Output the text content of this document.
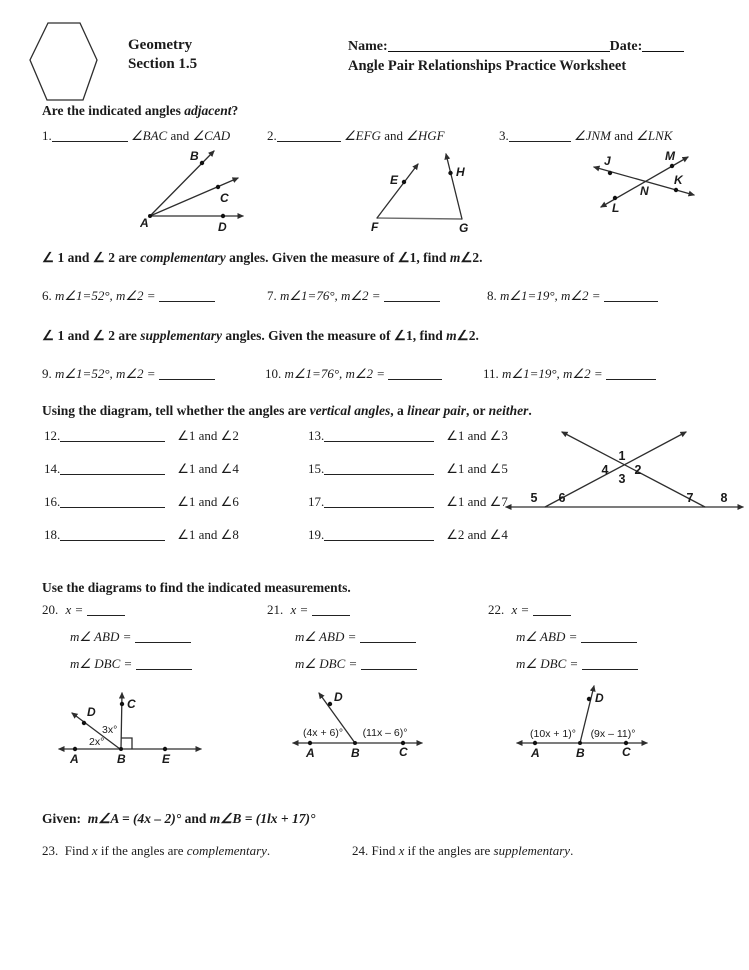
Geometry
Section 1.5
Name:	Date:
Angle Pair Relationships Practice Worksheet
Are the indicated angles adjacent?
1.	∠BAC and ∠CAD	2.	∠EFG and ∠HGF	3.	∠JNM and ∠LNK
B
C
A	D
E
H
F	G
J	M
K
N
L
∠ 1 and ∠ 2 are complementary angles. Given the measure of ∠1, find m∠2.
6. m∠1=52°, m∠2 =	7. m∠1=76°, m∠2 =	8. m∠1=19°, m∠2 =
∠ 1 and ∠ 2 are supplementary angles. Given the measure of ∠1, find m∠2.
9. m∠1=52°, m∠2 =	10. m∠1=76°, m∠2 =	11. m∠1=19°, m∠2 =
Using the diagram, tell whether the angles are vertical angles, a linear pair, or neither.
12.	∠1 and ∠2	13.	∠1 and ∠3
14.	∠1 and ∠4	15.	∠1 and ∠5
16.	∠1 and ∠6	17.	∠1 and ∠7
18.	∠1 and ∠8	19.	∠2 and ∠4
1
2
3
4
5 6	7 8
Use the diagrams to find the indicated measurements.
20. x =
m∠ ABD =
m∠ DBC =
21. x =
m∠ ABD =
m∠ DBC =
22. x =
m∠ ABD =
m∠ DBC =
A	B	E
C
D
3x°
2x°
A	B	C
D
(4x + 6)° (11x – 6)°
A	B	C
D
(10x + 1)° (9x – 11)°
Given: m∠A = (4x – 2)° and m∠B = (1lx + 17)°
23. Find x if the angles are complementary.	24. Find x if the angles are supplementary.
